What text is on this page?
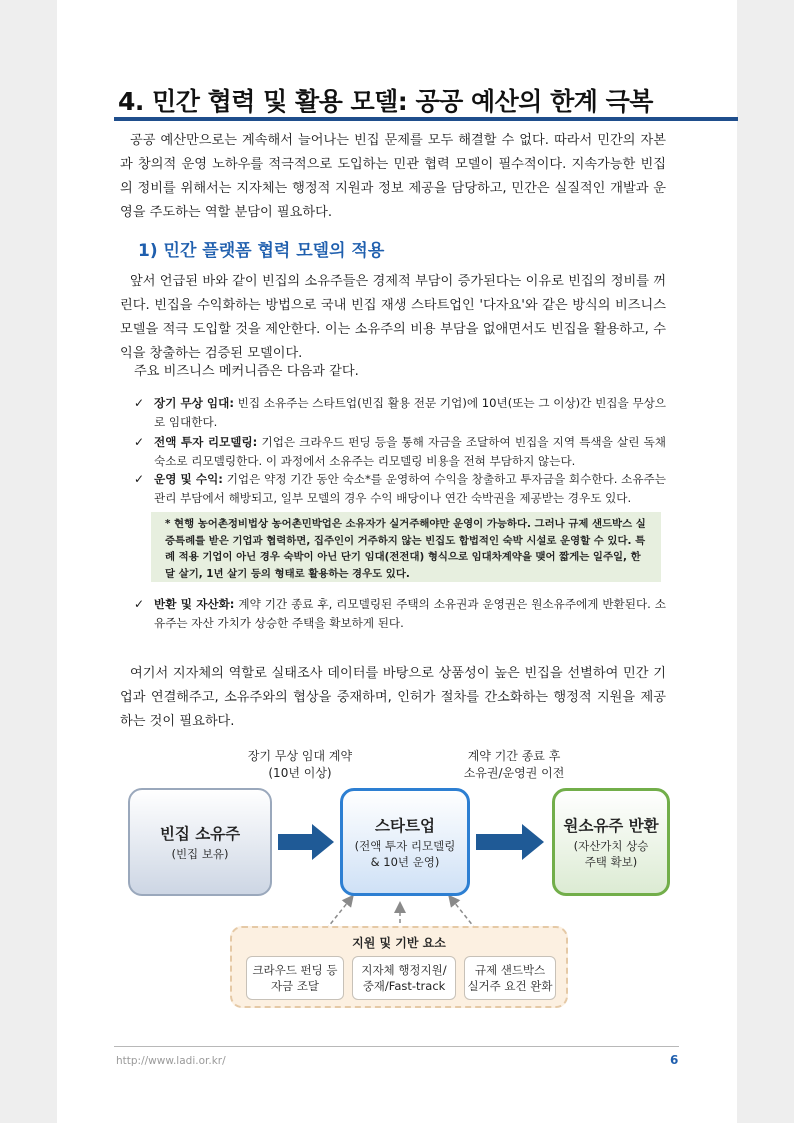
4. 민간 협력 및 활용 모델: 공공 예산의 한계 극복

공공 예산만으로는 계속해서 늘어나는 빈집 문제를 모두 해결할 수 없다. 따라서 민간의 자본과 창의적 운영 노하우를 적극적으로 도입하는 민관 협력 모델이 필수적이다. 지속가능한 빈집의 정비를 위해서는 지자체는 행정적 지원과 정보 제공을 담당하고, 민간은 실질적인 개발과 운영을 주도하는 역할 분담이 필요하다.

1) 민간 플랫폼 협력 모델의 적용

앞서 언급된 바와 같이 빈집의 소유주들은 경제적 부담이 증가된다는 이유로 빈집의 정비를 꺼린다. 빈집을 수익화하는 방법으로 국내 빈집 재생 스타트업인 '다자요'와 같은 방식의 비즈니스 모델을 적극 도입할 것을 제안한다. 이는 소유주의 비용 부담을 없애면서도 빈집을 활용하고, 수익을 창출하는 검증된 모델이다.

주요 비즈니스 메커니즘은 다음과 같다.

✓ 장기 무상 임대: 빈집 소유주는 스타트업(빈집 활용 전문 기업)에 10년(또는 그 이상)간 빈집을 무상으로 임대한다.
✓ 전액 투자 리모델링: 기업은 크라우드 펀딩 등을 통해 자금을 조달하여 빈집을 지역 특색을 살린 독채 숙소로 리모델링한다. 이 과정에서 소유주는 리모델링 비용을 전혀 부담하지 않는다.
✓ 운영 및 수익: 기업은 약정 기간 동안 숙소*를 운영하여 수익을 창출하고 투자금을 회수한다. 소유주는 관리 부담에서 해방되고, 일부 모델의 경우 수익 배당이나 연간 숙박권을 제공받는 경우도 있다.
* 현행 농어촌정비법상 농어촌민박업은 소유자가 실거주해야만 운영이 가능하다. 그러나 규제 샌드박스 실증특례를 받은 기업과 협력하면, 집주인이 거주하지 않는 빈집도 합법적인 숙박 시설로 운영할 수 있다. 특례 적용 기업이 아닌 경우 숙박이 아닌 단기 임대(전전대) 형식으로 임대차계약을 맺어 짧게는 일주일, 한 달 살기, 1년 살기 등의 형태로 활용하는 경우도 있다.
✓ 반환 및 자산화: 계약 기간 종료 후, 리모델링된 주택의 소유권과 운영권은 원소유주에게 반환된다. 소유주는 자산 가치가 상승한 주택을 확보하게 된다.

여기서 지자체의 역할로 실태조사 데이터를 바탕으로 상품성이 높은 빈집을 선별하여 민간 기업과 연결해주고, 소유주와의 협상을 중재하며, 인허가 절차를 간소화하는 행정적 지원을 제공하는 것이 필요하다.

장기 무상 임대 계약
(10년 이상)
계약 기간 종료 후
소유권/운영권 이전
빈집 소유주
(빈집 보유)
스타트업
(전액 투자 리모델링
& 10년 운영)
원소유주 반환
(자산가치 상승
주택 확보)
지원 및 기반 요소
크라우드 펀딩 등
자금 조달
지자체 행정지원/
중재/Fast-track
규제 샌드박스
실거주 요건 완화
http://www.ladi.or.kr/	6
